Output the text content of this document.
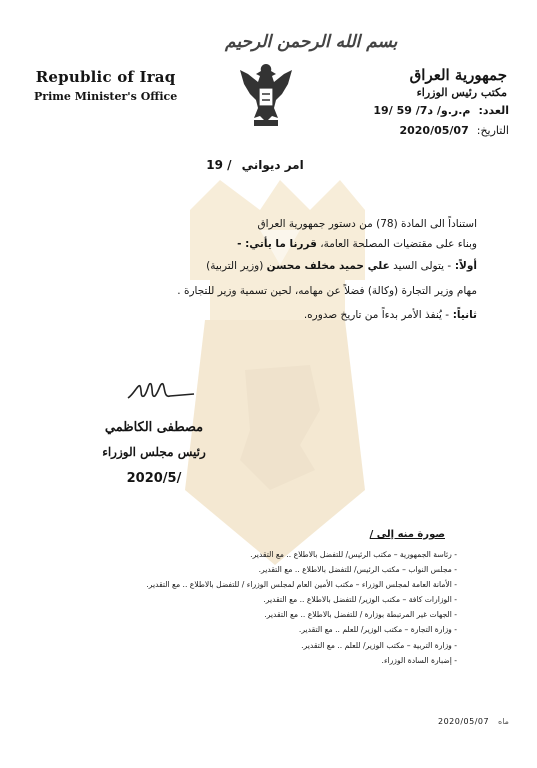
Republic of Iraq
Prime Minister's Office
بسم الله الرحمن الرحيم
جمهورية العراق
مكتب رئيس الوزراء
العدد:م.ر.و/ د7/ 59 /19
التاريخ:2020/05/07
امر ديواني/ 19
استناداً الى المادة (78) من دستور جمهورية العراق
وبناء على مقتضيات المصلحة العامة، قررنا ما يأتي: -
أولاً: - يتولى السيد علي حميد مخلف محسن (وزير التربية)
مهام وزير التجارة (وكالة) فضلاً عن مهامه، لحين تسمية وزير للتجارة .
ثانياً: - يُنفذ الأمر بدءاً من تاريخ صدوره.
مصطفى الكاظمي
رئيس مجلس الوزراء
2020/5/
صورة منه إلى /
- رئاسة الجمهورية – مكتب الرئيس/ للتفضل بالاطلاع .. مع التقدير.
- مجلس النواب – مكتب الرئيس/ للتفضل بالاطلاع .. مع التقدير.
- الأمانة العامة لمجلس الوزراء – مكتب الأمين العام لمجلس الوزراء / للتفضل بالاطلاع .. مع التقدير.
- الوزارات كافة – مكتب الوزير/ للتفضل بالاطلاع .. مع التقدير.
- الجهات غير المرتبطة بوزارة / للتفضل بالاطلاع .. مع التقدير.
- وزارة التجارة – مكتب الوزير/ للعلم .. مع التقدير.
- وزارة التربية – مكتب الوزير/ للعلم .. مع التقدير.
- إضبارة السادة الوزراء.
2020/05/07 ماه
